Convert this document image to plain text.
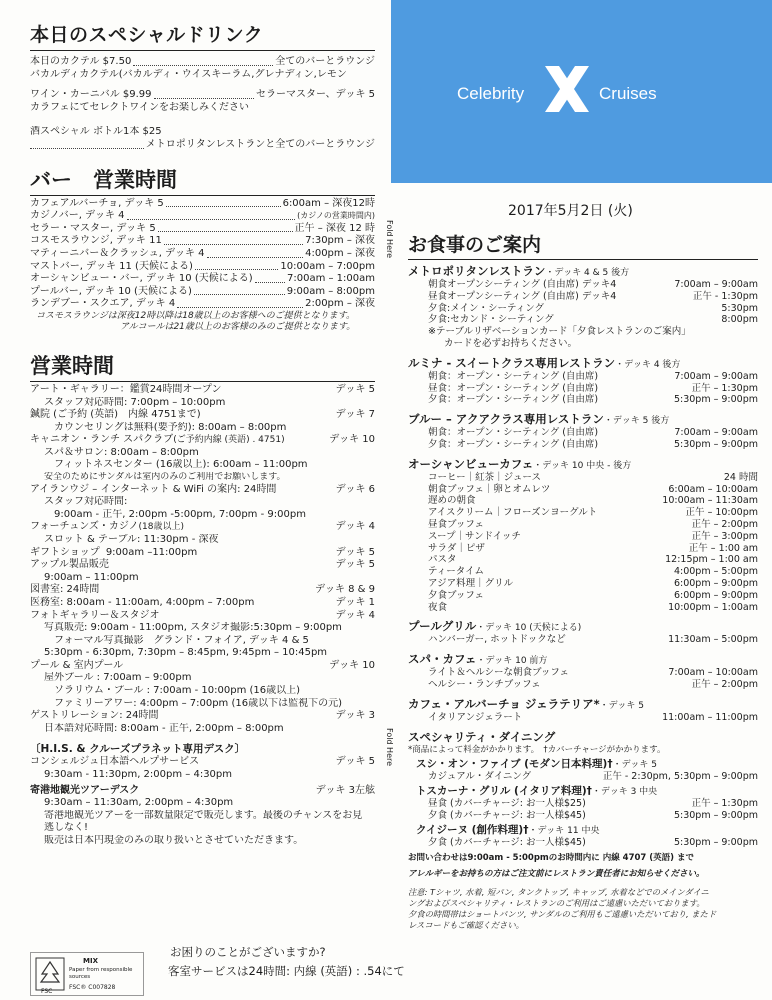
本日のスペシャルドリンク
本日のカクテル $7.50	全てのバーとラウンジ
バカルディカクテル(バカルディ・ウイスキーラム,グレナディン,レモン
ワイン・カーニバル $9.99	セラーマスター、デッキ 5
カラフェにてセレクトワインをお楽しみください
酒スペシャル ボトル1本 $25
メトロポリタンレストランと全てのバーとラウンジ
バー　営業時間
カフェアルバーチョ, デッキ 5	6:00am – 深夜12時
カジノバー, デッキ 4	(カジノの営業時間内)
セラー・マスター, デッキ 5	正午 – 深夜 12 時
コスモスラウンジ, デッキ 11	7:30pm – 深夜
マティーニバー＆クラッシュ, デッキ 4	4:00pm – 深夜
マストバー, デッキ 11 (天候による)	10:00am – 7:00pm
オーシャンビュー・バー, デッキ 10 (天候による)	7:00am – 1:00am
プールバー, デッキ 10 (天候による)	9:00am – 8:00pm
ランデブー・スクエア, デッキ 4	2:00pm – 深夜
コスモスラウンジは深夜12時以降は18歳以上のお客様へのご提供となります。
アルコールは21歳以上のお客様のみのご提供となります。
営業時間
アート・ギャラリー：鑑賞24時間オープン	デッキ 5
スタッフ対応時間: 7:00pm – 10:00pm
鍼院 (ご予約 (英語)　内線 4751まで)	デッキ 7
カウンセリングは無料(要予約): 8:00am – 8:00pm
キャニオン・ランチ スパクラブ (ご予約内線 (英語) . 4751)	デッキ 10
スパ＆サロン: 8:00am – 8:00pm
フィットネスセンター (16歳以上): 6:00am – 11:00pm
安全のためにサンダルは室内のみのご利用でお願いします。
アイランウジ – インターネット & WiFi の案内: 24時間	デッキ 6
スタッフ対応時間:
9:00am - 正午, 2:00pm -5:00pm, 7:00pm - 9:00pm
フォーチュンズ・カジノ (18歳以上)	デッキ 4
スロット & テーブル: 11:30pm - 深夜
ギフトショップ 9:00am –11:00pm	デッキ 5
アップル製品販売	デッキ 5
9:00am – 11:00pm
図書室: 24時間	デッキ 8 & 9
医務室: 8:00am - 11:00am, 4:00pm – 7:00pm	デッキ 1
フォトギャラリー＆スタジオ	デッキ 4
写真販売: 9:00am - 11:00pm, スタジオ撮影:5:30pm – 9:00pm
フォーマル写真撮影　グランド・フォイア, デッキ 4 & 5
5:30pm - 6:30pm, 7:30pm – 8:45pm, 9:45pm – 10:45pm
プール & 室内プール	デッキ 10
屋外プール : 7:00am – 9:00pm
ソラリウム・プール : 7:00am - 10:00pm (16歳以上)
ファミリーアワー: 4:00pm – 7:00pm (16歳以下は監視下の元)
ゲストリレーション: 24時間	デッキ 3
日本語対応時間: 8:00am - 正午, 2:00pm – 8:00pm
〔H.I.S. & クルーズプラネット専用デスク〕
コンシェルジュ日本語ヘルプサービス	デッキ 5
9:30am - 11:30pm, 2:00pm – 4:30pm
寄港地観光ツアーデスク	デッキ 3左舷
9:30am – 11:30am, 2:00pm – 4:30pm
寄港地観光ツアーを一部数量限定で販売します。最後のチャンスをお見
逃しなく!
販売は日本円現金のみの取り扱いとさせていただきます。
お困りのことがございますか?
客室サービスは24時間: 内線 (英語) : .54にて
FSC
MIX
Paper from responsible sources
FSC® C007828
Celebrity	Cruises
2017年5月2日 (火)
Fold Here
Fold Here
お食事のご案内
メトロポリタンレストラン・デッキ 4 & 5 後方
朝食オープンシーティング (自由席) デッキ4	7:00am – 9:00am
昼食オープンシーティング (自由席) デッキ4	正午 - 1:30pm
夕食:メイン・シーティング	5:30pm
夕食:セカンド・シーティング	8:00pm
※テーブルリザベーションカード「夕食レストランのご案内」
カードを必ずお持ちください。
ルミナ - スイートクラス専用レストラン・デッキ 4 後方
朝食：オープン・シーティング (自由席)	7:00am – 9:00am
昼食：オープン・シーティング (自由席)	正午 – 1:30pm
夕食：オープン・シーティング (自由席)	5:30pm – 9:00pm
ブルー – アクアクラス専用レストラン・デッキ 5 後方
朝食：オープン・シーティング (自由席)	7:00am – 9:00am
夕食：オープン・シーティング (自由席)	5:30pm – 9:00pm
オーシャンビューカフェ・デッキ 10 中央 - 後方
コーヒー｜紅茶｜ジュース	24 時間
朝食ブッフェ｜卵とオムレツ	6:00am – 10:00am
遅めの朝食	10:00am – 11:30am
アイスクリーム｜フローズンヨーグルト	正午 – 10:00pm
昼食ブッフェ	正午 – 2:00pm
スープ｜サンドイッチ	正午 – 3:00pm
サラダ｜ピザ	正午 – 1:00 am
パスタ	12:15pm – 1:00 am
ティータイム	4:00pm – 5:00pm
アジア料理｜グリル	6:00pm – 9:00pm
夕食ブッフェ	6:00pm – 9:00pm
夜食	10:00pm – 1:00am
プールグリル・デッキ 10 (天候による)
ハンバーガー, ホットドックなど	11:30am – 5:00pm
スパ・カフェ・デッキ 10 前方
ライト＆ヘルシーな朝食ブッフェ	7:00am – 10:00am
ヘルシー・ランチブッフェ	正午 – 2:00pm
カフェ・アルバーチョ ジェラテリア*・デッキ 5
イタリアンジェラート	11:00am – 11:00pm
スペシャリティ・ダイニング
*商品によって料金がかかります。　†カバーチャージがかかります。
スシ・オン・ファイブ (モダン日本料理)†・デッキ 5
カジュアル・ダイニング	正午 - 2:30pm, 5:30pm – 9:00pm
トスカーナ・グリル (イタリア料理)†・デッキ 3 中央
昼食 (カバーチャージ: お一人様$25)	正午 – 1:30pm
夕食 (カバーチャージ: お一人様$45)	5:30pm – 9:00pm
クイジーヌ (創作料理)†・デッキ 11 中央
夕食 (カバーチャージ: お一人様$45)	5:30pm – 9:00pm
お問い合わせは9:00am - 5:00pmのお時間内に 内線 4707 (英語) まで
アレルギーをお持ちの方はご注文前にレストラン責任者にお知らせください。
注意: Tシャツ, 水着, 短パン, タンクトップ, キャップ, 水着などでのメインダイニ
ングおよびスペシャリティ・レストランのご利用はご遠慮いただいております。
夕食の時間帯はショートパンツ, サンダルのご利用もご遠慮いただいており, またド
レスコードもご確認ください。
